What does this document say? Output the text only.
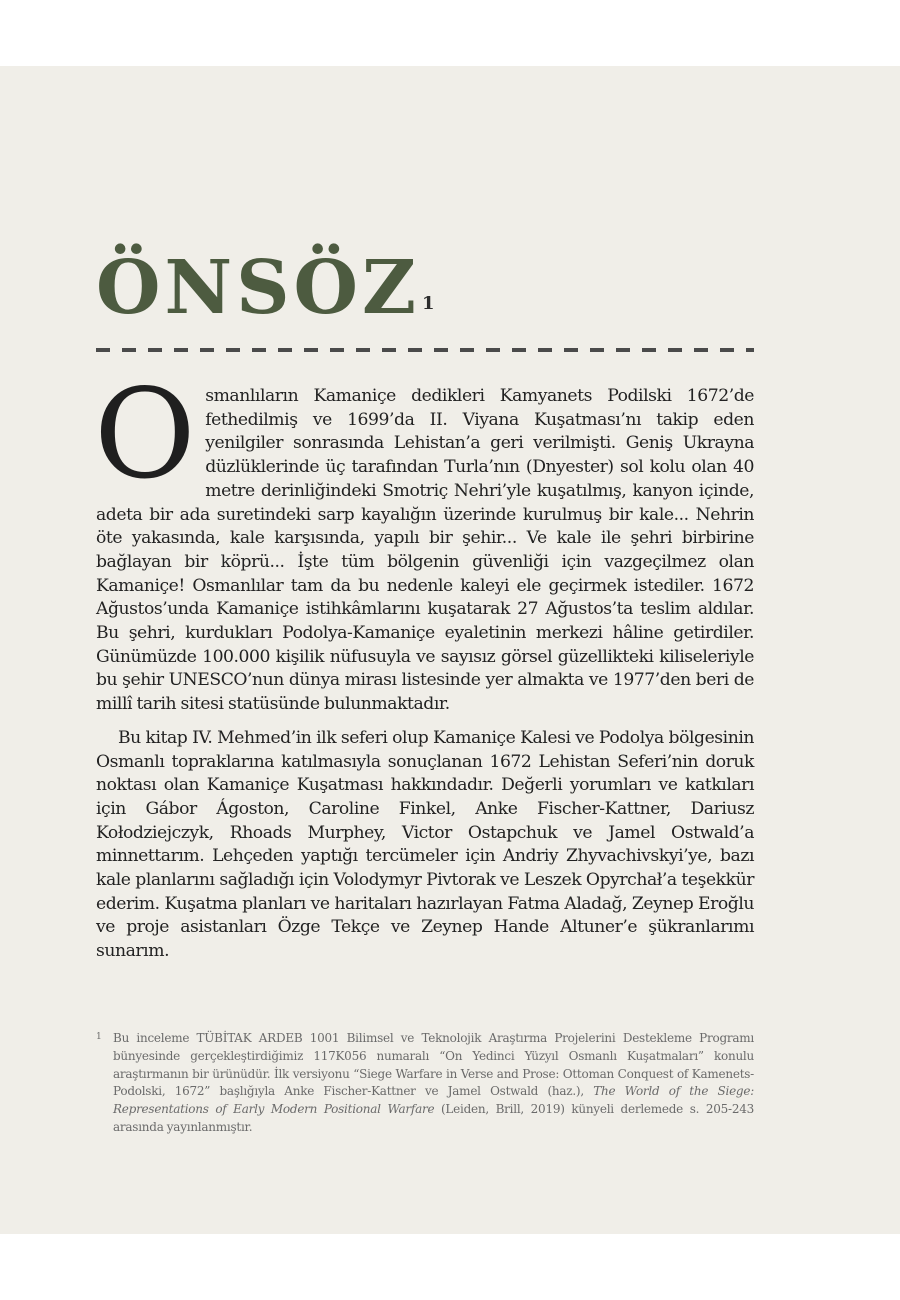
ÖNSÖZ $^1$

Osmanlıların Kamaniçe dedikleri Kamyanets Podilski 1672’de fethedilmiş ve 1699’da II. Viyana Kuşatması’nı takip eden yenilgiler sonrasında Lehistan’a geri verilmişti. Geniş Ukrayna düzlüklerinde üç tarafından Turla’nın (Dnyester) sol kolu olan 40 metre derinliğindeki Smotriç Nehri’yle kuşatılmış, kanyon içinde, adeta bir ada suretindeki sarp kayalığın üzerinde kurulmuş bir kale... Nehrin öte yakasında, kale karşısında, yapılı bir şehir... Ve kale ile şehri birbirine bağlayan bir köprü... İşte tüm bölgenin güvenliği için vazgeçilmez olan Kamaniçe! Osmanlılar tam da bu nedenle kaleyi ele geçirmek istediler. 1672 Ağustos’unda Kamaniçe istihkâmlarını kuşatarak 27 Ağustos’ta teslim aldılar. Bu şehri, kurdukları Podolya-Kamaniçe eyaletinin merkezi hâline getirdiler. Günümüzde 100.000 kişilik nüfusuyla ve sayısız görsel güzellikteki kiliseleriyle bu şehir UNESCO’nun dünya mirası listesinde yer almakta ve 1977’den beri de millî tarih sitesi statüsünde bulunmaktadır.

Bu kitap IV. Mehmed’in ilk seferi olup Kamaniçe Kalesi ve Podolya bölgesinin Osmanlı topraklarına katılmasıyla sonuçlanan 1672 Lehistan Seferi’nin doruk noktası olan Kamaniçe Kuşatması hakkındadır. Değerli yorumları ve katkıları için Gábor Ágoston, Caroline Finkel, Anke Fischer-Kattner, Dariusz Kołodziejczyk, Rhoads Murphey, Victor Ostapchuk ve Jamel Ostwald’a minnettarım. Lehçeden yaptığı tercümeler için Andriy Zhyvachivskyi’ye, bazı kale planlarını sağladığı için Volodymyr Pivtorak ve Leszek Opyrchał’a teşekkür ederim. Kuşatma planları ve haritaları hazırlayan Fatma Aladağ, Zeynep Eroğlu ve proje asistanları Özge Tekçe ve Zeynep Hande Altuner’e şükranlarımı sunarım.

1 Bu inceleme TÜBİTAK ARDEB 1001 Bilimsel ve Teknolojik Araştırma Projelerini Destekleme Programı bünyesinde gerçekleştirdiğimiz 117K056 numaralı “On Yedinci Yüzyıl Osmanlı Kuşatmaları” konulu araştırmanın bir ürünüdür. İlk versiyonu “Siege Warfare in Verse and Prose: Ottoman Conquest of Kamenets-Podolski, 1672” başlığıyla Anke Fischer-Kattner ve Jamel Ostwald (haz.), The World of the Siege: Representations of Early Modern Positional Warfare (Leiden, Brill, 2019) künyeli derlemede s. 205-243 arasında yayınlanmıştır.
